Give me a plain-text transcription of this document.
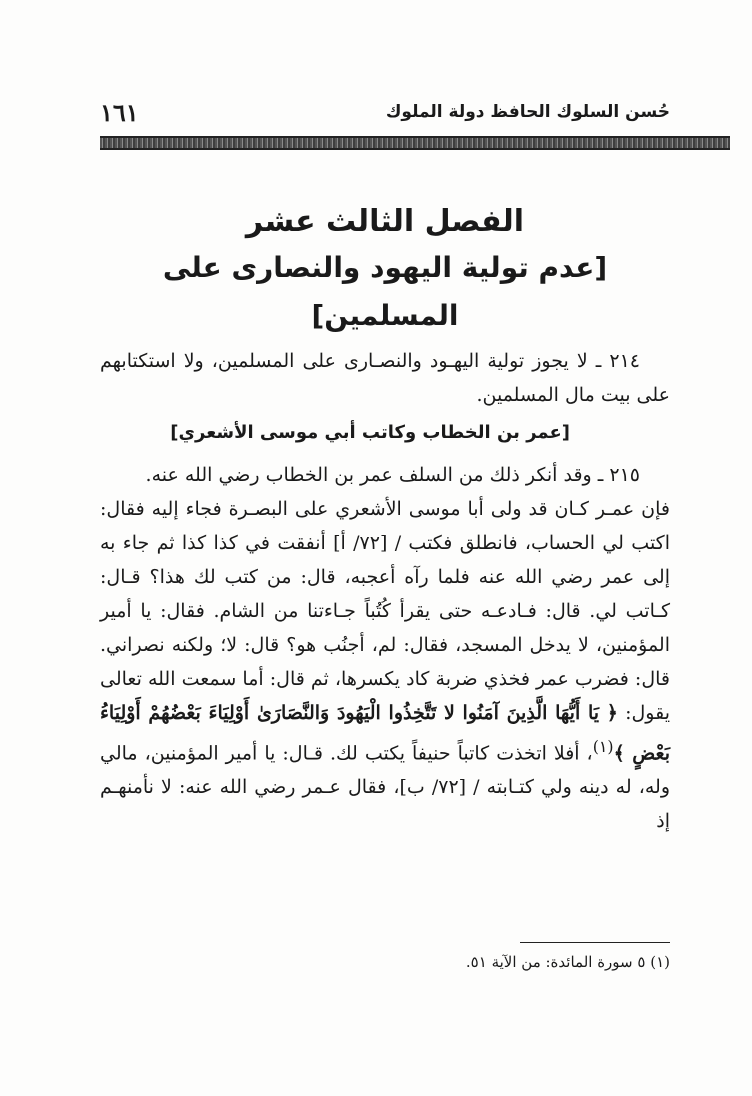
حُسن السلوك الحافظ دولة الملوك
١٦١
الفصل الثالث عشر
[عدم تولية اليهود والنصارى على المسلمين]

٢١٤ ـ لا يجوز تولية اليهـود والنصـارى على المسلمين، ولا استكتابهم على بيت مال المسلمين.

[عمر بن الخطاب وكاتب أبي موسى الأشعري]

٢١٥ ـ وقد أنكر ذلك من السلف عمر بن الخطاب رضي الله عنه.

فإن عمـر كـان قد ولى أبا موسى الأشعري على البصـرة فجاء إليه فقال: اكتب لي الحساب، فانطلق فكتب / [٧٢/ أ] أنفقت في كذا كذا ثم جاء به إلى عمر رضي الله عنه فلما رآه أعجبه، قال: من كتب لك هذا؟ قـال: كـاتب لي. قال: فـادعـه حتى يقرأ كُتُباً جـاءتنا من الشام. فقال: يا أمير المؤمنين، لا يدخل المسجد، فقال: لم، أجنُب هو؟ قال: لا؛ ولكنه نصراني. قال: فضرب عمر فخذي ضربة كاد يكسرها، ثم قال: أما سمعت الله تعالى يقول: ﴿ يَا أَيُّهَا الَّذِينَ آمَنُوا لا تَتَّخِذُوا الْيَهُودَ وَالنَّصَارَىٰ أَوْلِيَاءَ بَعْضُهُمْ أَوْلِيَاءُ بَعْضٍ ﴾$^{(١)}$، أفلا اتخذت كاتباً حنيفاً يكتب لك. قـال: يا أمير المؤمنين، مالي وله، له دينه ولي كتـابته / [٧٢/ ب]، فقال عـمر رضي الله عنه: لا نأمنهـم إذ

(١) ٥ سورة المائدة: من الآية ٥١.
